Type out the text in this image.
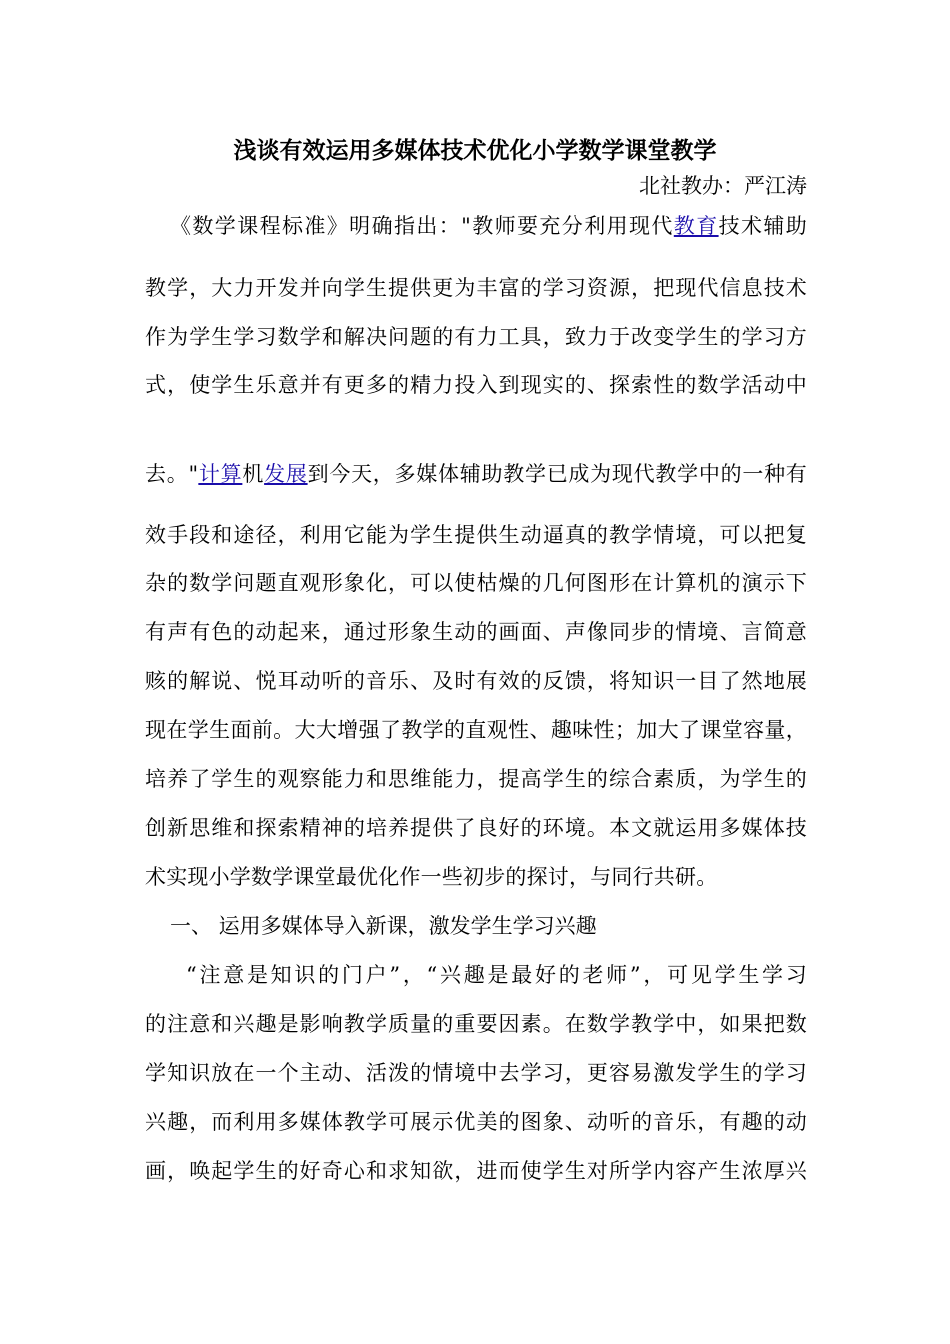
浅谈有效运用多媒体技术优化小学数学课堂教学
北社教办：严江涛
《数学课程标准》明确指出："教师要充分利用现代教育技术辅助
教学，大力开发并向学生提供更为丰富的学习资源，把现代信息技术
作为学生学习数学和解决问题的有力工具，致力于改变学生的学习方
式，使学生乐意并有更多的精力投入到现实的、探索性的数学活动中
去。"计算机发展到今天，多媒体辅助教学已成为现代教学中的一种有
效手段和途径，利用它能为学生提供生动逼真的教学情境，可以把复
杂的数学问题直观形象化，可以使枯燥的几何图形在计算机的演示下
有声有色的动起来，通过形象生动的画面、声像同步的情境、言简意
赅的解说、悦耳动听的音乐、及时有效的反馈，将知识一目了然地展
现在学生面前。大大增强了教学的直观性、趣味性；加大了课堂容量，
培养了学生的观察能力和思维能力，提高学生的综合素质，为学生的
创新思维和探索精神的培养提供了良好的环境。本文就运用多媒体技
术实现小学数学课堂最优化作一些初步的探讨，与同行共研。
一、 运用多媒体导入新课，激发学生学习兴趣
“注意是知识的门户”，“兴趣是最好的老师”，可见学生学习
的注意和兴趣是影响教学质量的重要因素。在数学教学中，如果把数
学知识放在一个主动、活泼的情境中去学习，更容易激发学生的学习
兴趣，而利用多媒体教学可展示优美的图象、动听的音乐，有趣的动
画，唤起学生的好奇心和求知欲，进而使学生对所学内容产生浓厚兴
